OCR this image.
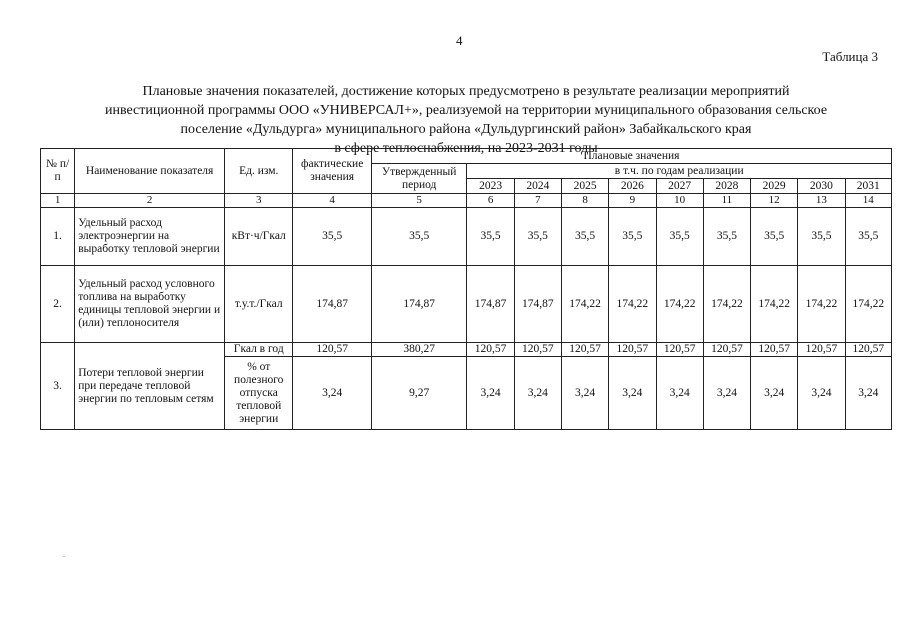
4
Таблица 3
Плановые значения показателей, достижение которых предусмотрено в результате реализации мероприятий
инвестиционной программы ООО «УНИВЕРСАЛ+», реализуемой на территории муниципального образования сельское
поселение «Дульдурга» муниципального района «Дульдургинский район» Забайкальского края
в сфере теплоснабжения, на 2023-2031 годы
№ п/п	Наименование показателя	Ед. изм.	фактические значения	Плановые значения									
				Утвержденный период	в т.ч. по годам реализации								
					2023	2024	2025	2026	2027	2028	2029	2030	2031
1	2	3	4	5	6	7	8	9	10	11	12	13	14
1.	Удельный расход электроэнергии на выработку тепловой энергии	кВт·ч/Гкал	35,5	35,5	35,5	35,5	35,5	35,5	35,5	35,5	35,5	35,5	35,5
2.	Удельный расход условного топлива на выработку единицы тепловой энергии и (или) теплоносителя	т.у.т./Гкал	174,87	174,87	174,87	174,87	174,22	174,22	174,22	174,22	174,22	174,22	174,22
3.	Потери тепловой энергии при передаче тепловой энергии по тепловым сетям	Гкал в год	120,57	380,27	120,57	120,57	120,57	120,57	120,57	120,57	120,57	120,57	120,57
		% от полезного отпуска тепловой энергии	3,24	9,27	3,24	3,24	3,24	3,24	3,24	3,24	3,24	3,24	3,24
